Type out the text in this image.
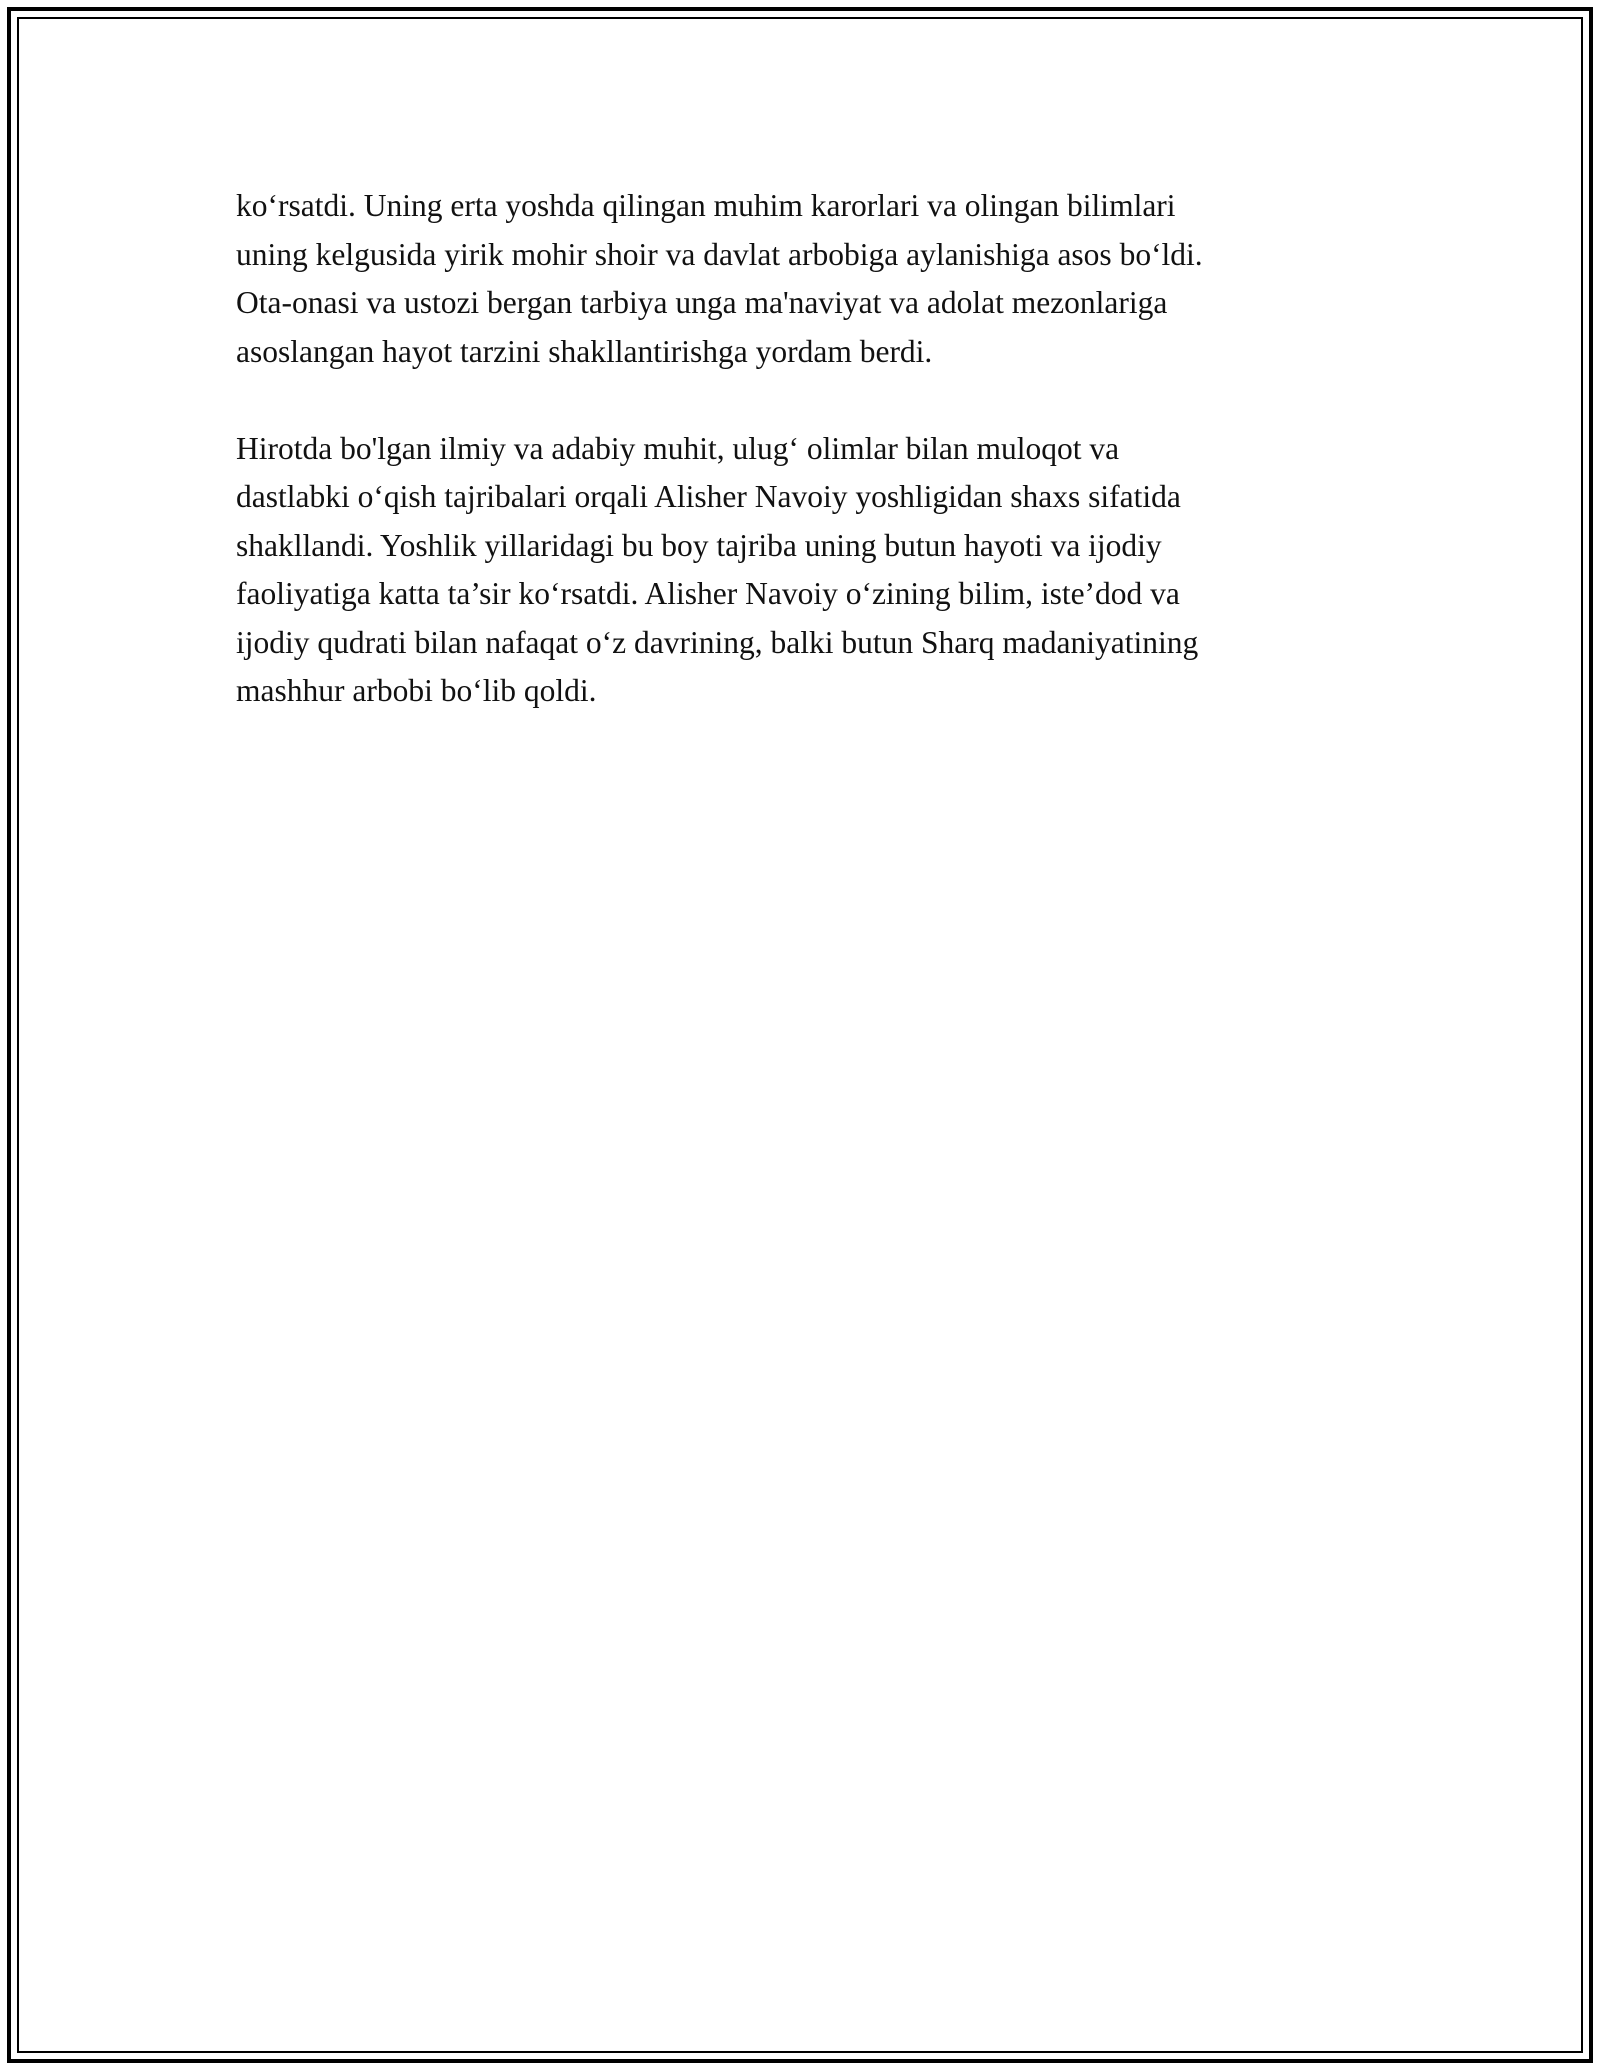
ko‘rsatdi. Uning erta yoshda qilingan muhim karorlari va olingan bilimlari
uning kelgusida yirik mohir shoir va davlat arbobiga aylanishiga asos bo‘ldi.
Ota-onasi va ustozi bergan tarbiya unga ma'naviyat va adolat mezonlariga
asoslangan hayot tarzini shakllantirishga yordam berdi.

Hirotda bo'lgan ilmiy va adabiy muhit, ulug‘ olimlar bilan muloqot va
dastlabki o‘qish tajribalari orqali Alisher Navoiy yoshligidan shaxs sifatida
shakllandi. Yoshlik yillaridagi bu boy tajriba uning butun hayoti va ijodiy
faoliyatiga katta ta’sir ko‘rsatdi. Alisher Navoiy o‘zining bilim, iste’dod va
ijodiy qudrati bilan nafaqat o‘z davrining, balki butun Sharq madaniyatining
mashhur arbobi bo‘lib qoldi.
